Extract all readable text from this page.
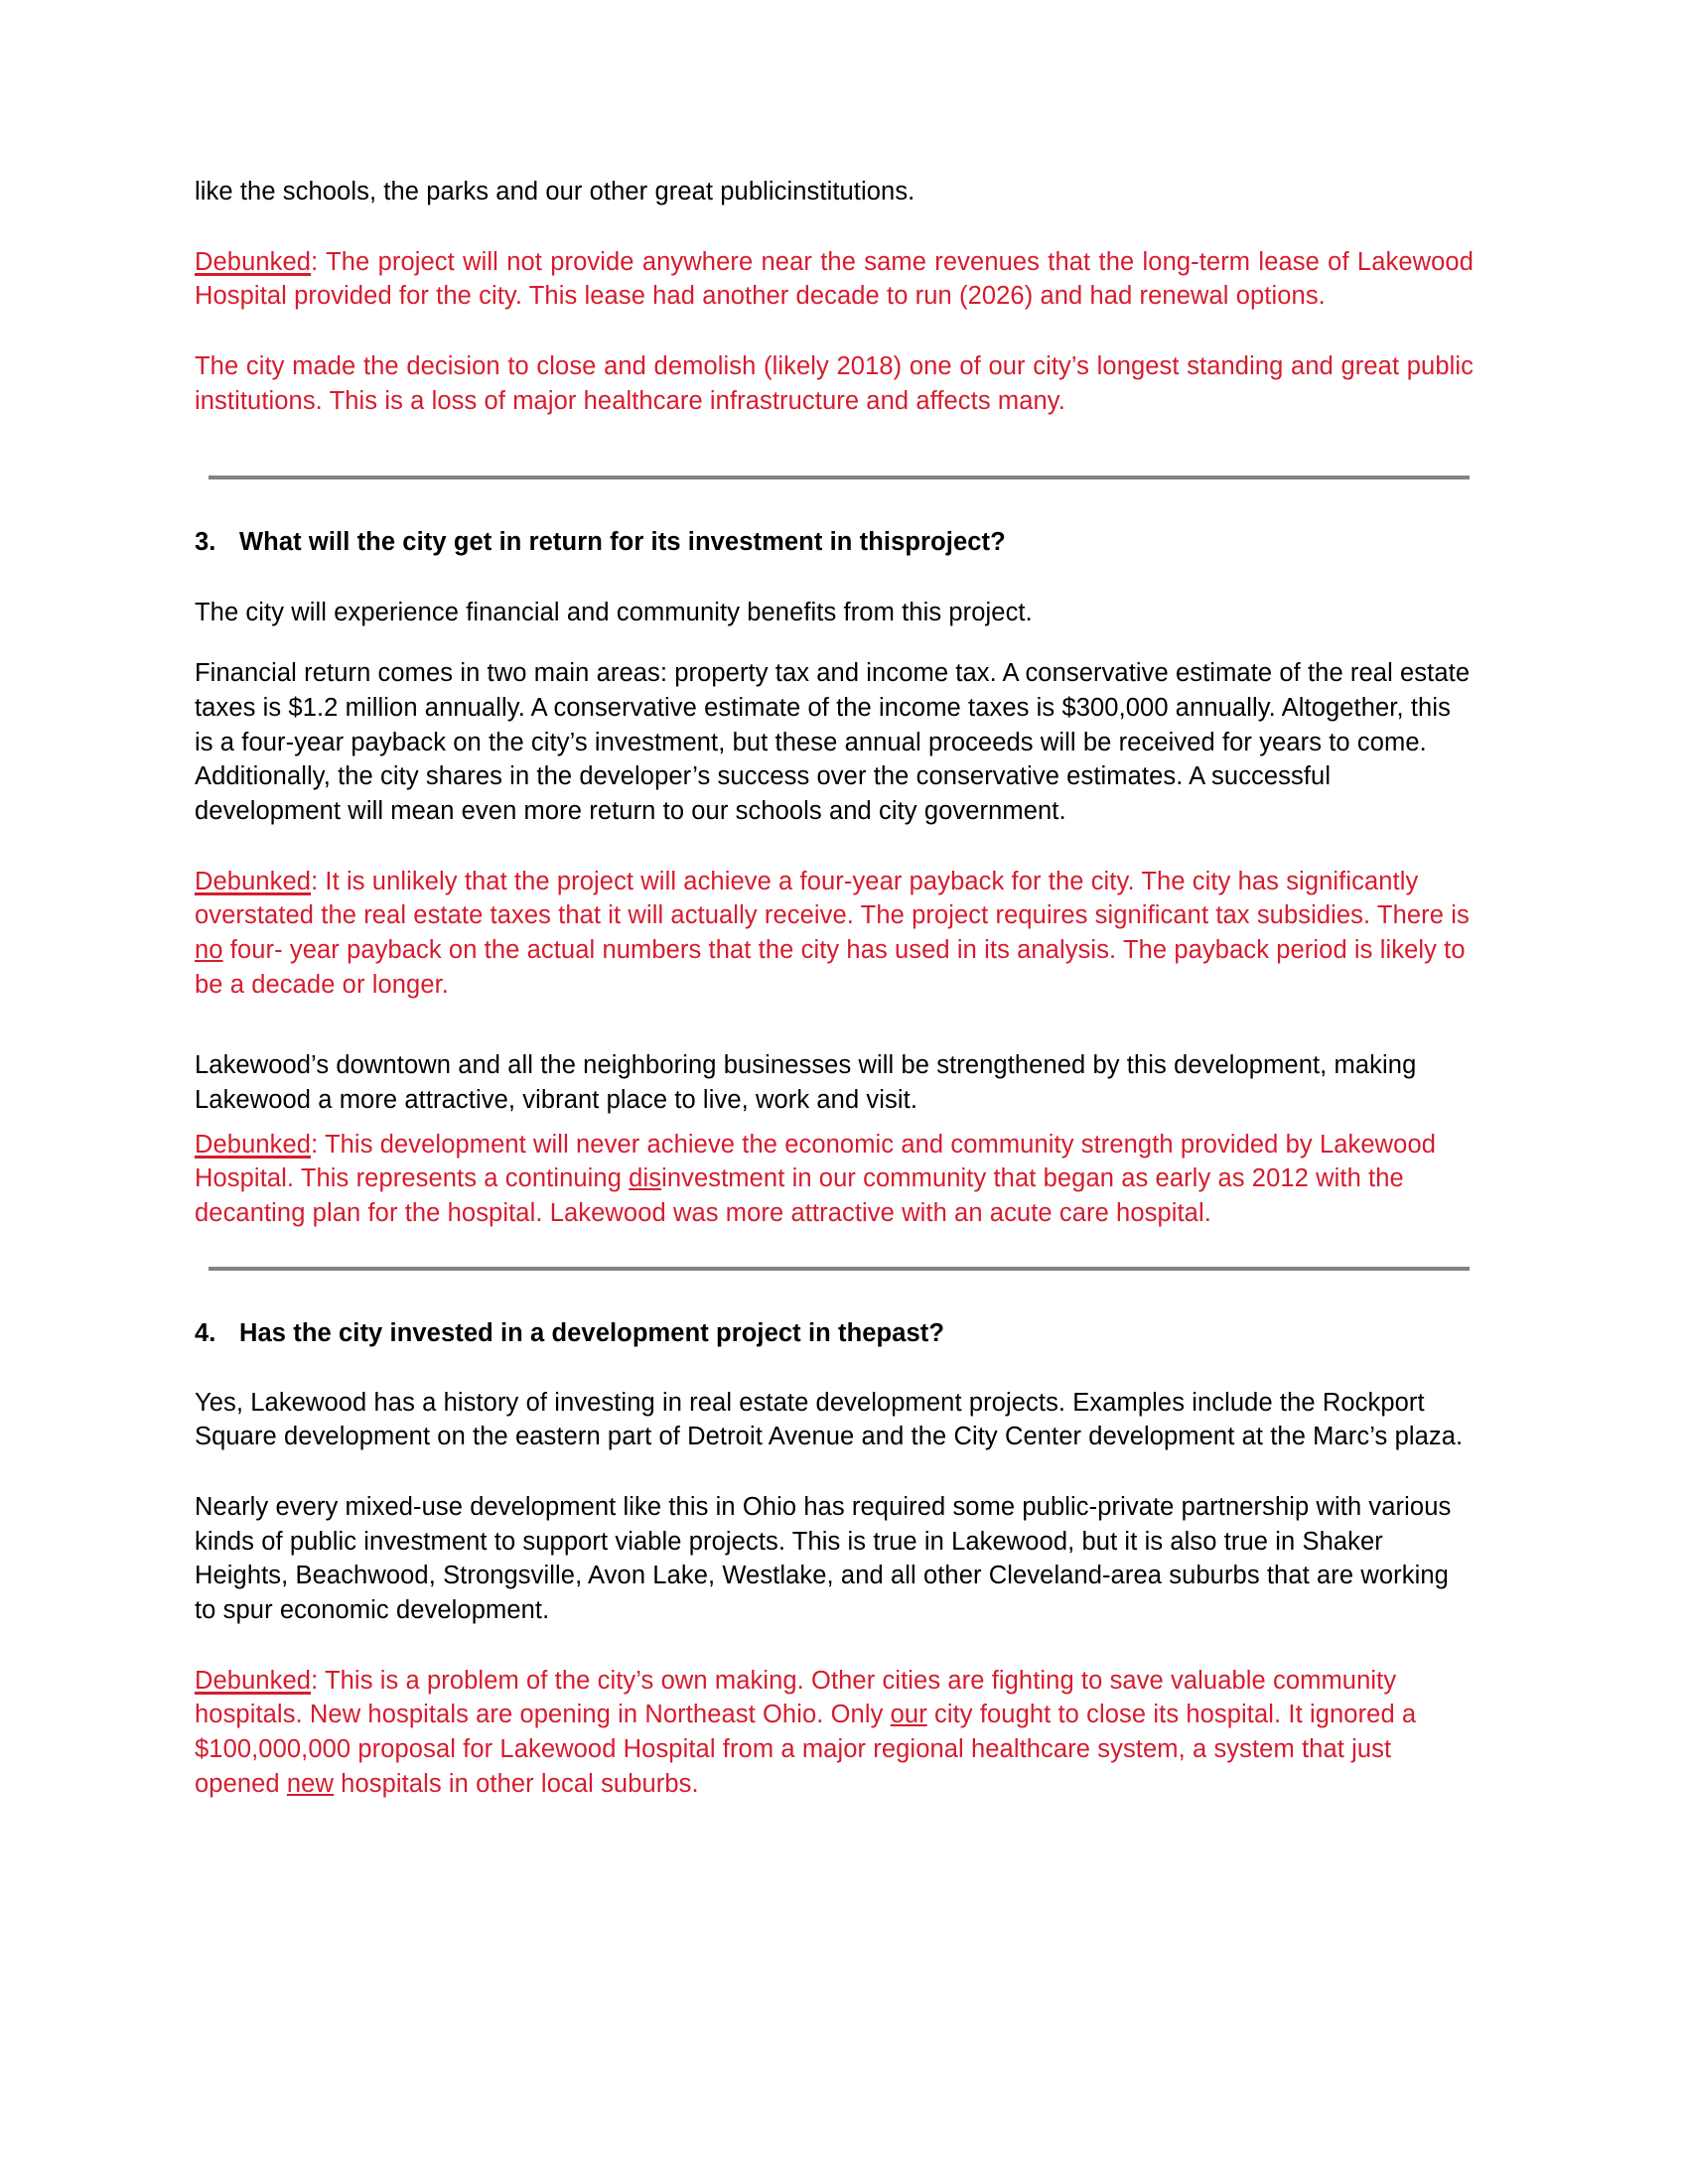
like the schools, the parks and our other great publicinstitutions.

Debunked: The project will not provide anywhere near the same revenues that the long-term lease of Lakewood Hospital provided for the city. This lease had another decade to run (2026) and had renewal options.

The city made the decision to close and demolish (likely 2018) one of our city’s longest standing and great public institutions. This is a loss of major healthcare infrastructure and affects many.

3. What will the city get in return for its investment in thisproject?

The city will experience financial and community benefits from this project.

Financial return comes in two main areas: property tax and income tax. A conservative estimate of the real estate taxes is $1.2 million annually. A conservative estimate of the income taxes is $300,000 annually. Altogether, this is a four-year payback on the city’s investment, but these annual proceeds will be received for years to come. Additionally, the city shares in the developer’s success over the conservative estimates. A successful development will mean even more return to our schools and city government.

Debunked: It is unlikely that the project will achieve a four-year payback for the city. The city has significantly overstated the real estate taxes that it will actually receive. The project requires significant tax subsidies. There is no four- year payback on the actual numbers that the city has used in its analysis. The payback period is likely to be a decade or longer.

Lakewood’s downtown and all the neighboring businesses will be strengthened by this development, making Lakewood a more attractive, vibrant place to live, work and visit.

Debunked: This development will never achieve the economic and community strength provided by Lakewood Hospital. This represents a continuing disinvestment in our community that began as early as 2012 with the decanting plan for the hospital. Lakewood was more attractive with an acute care hospital.

4. Has the city invested in a development project in thepast?

Yes, Lakewood has a history of investing in real estate development projects. Examples include the Rockport Square development on the eastern part of Detroit Avenue and the City Center development at the Marc’s plaza.

Nearly every mixed-use development like this in Ohio has required some public-private partnership with various kinds of public investment to support viable projects. This is true in Lakewood, but it is also true in Shaker Heights, Beachwood, Strongsville, Avon Lake, Westlake, and all other Cleveland-area suburbs that are working to spur economic development.

Debunked: This is a problem of the city’s own making. Other cities are fighting to save valuable community hospitals. New hospitals are opening in Northeast Ohio. Only our city fought to close its hospital. It ignored a $100,000,000 proposal for Lakewood Hospital from a major regional healthcare system, a system that just opened new hospitals in other local suburbs.
